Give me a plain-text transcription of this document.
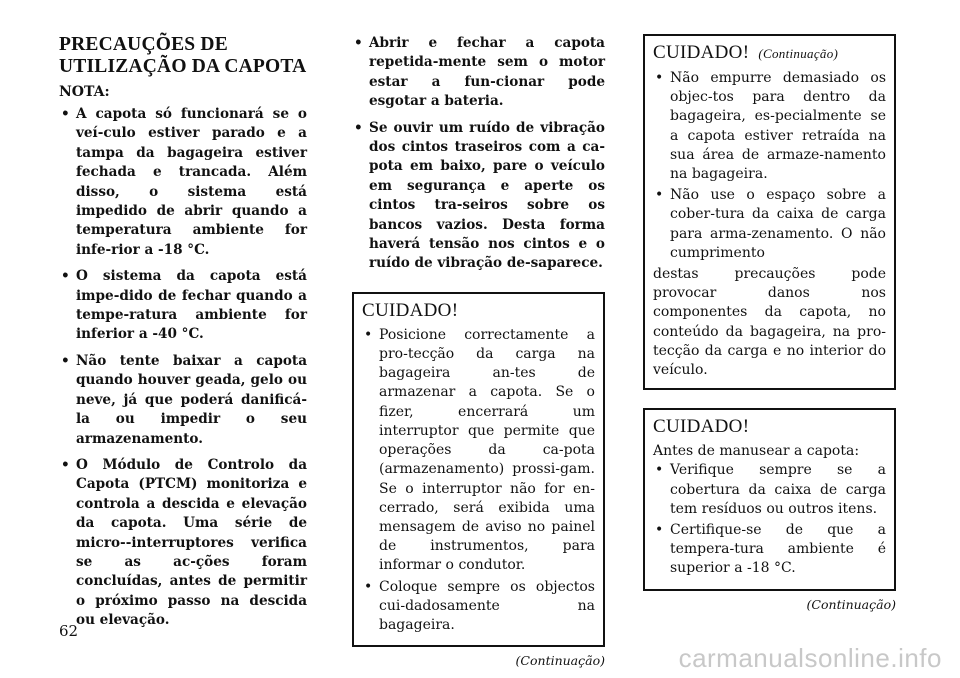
PRECAUÇÕES DE UTILIZAÇÃO DA CAPOTA
NOTA:
• A capota só funcionará se o veí-culo estiver parado e a tampa da bagageira estiver fechada e trancada. Além disso, o sistema está impedido de abrir quando a temperatura ambiente for infe-rior a -18 °C.
• O sistema da capota está impe-dido de fechar quando a tempe-ratura ambiente for inferior a -40 °C.
• Não tente baixar a capota quando houver geada, gelo ou neve, já que poderá danificá-la ou impedir o seu armazenamento.
• O Módulo de Controlo da Capota (PTCM) monitoriza e controla a descida e elevação da capota. Uma série de micro--interruptores verifica se as ac-ções foram concluídas, antes de permitir o próximo passo na descida ou elevação.
• Abrir e fechar a capota repetida-mente sem o motor estar a fun-cionar pode esgotar a bateria.
• Se ouvir um ruído de vibração dos cintos traseiros com a ca-pota em baixo, pare o veículo em segurança e aperte os cintos tra-seiros sobre os bancos vazios. Desta forma haverá tensão nos cintos e o ruído de vibração de-saparece.
CUIDADO!
• Posicione correctamente a pro-tecção da carga na bagageira an-tes de armazenar a capota. Se o fizer, encerrará um interruptor que permite que operações da ca-pota (armazenamento) prossi-gam. Se o interruptor não for en-cerrado, será exibida uma mensagem de aviso no painel de instrumentos, para informar o condutor.
• Coloque sempre os objectos cui-dadosamente na bagageira.
(Continuação)
CUIDADO! (Continuação)
• Não empurre demasiado os objec-tos para dentro da bagageira, es-pecialmente se a capota estiver retraída na sua área de armaze-namento na bagageira.
• Não use o espaço sobre a cober-tura da caixa de carga para arma-zenamento. O não cumprimento

destas precauções pode provocar danos nos componentes da capota, no conteúdo da bagageira, na pro-tecção da carga e no interior do veículo.

CUIDADO!

Antes de manusear a capota:

• Verifique sempre se a cobertura da caixa de carga tem resíduos ou outros itens.
• Certifique-se de que a tempera-tura ambiente é superior a -18 °C.
(Continuação)
62
carmanualsonline.info
